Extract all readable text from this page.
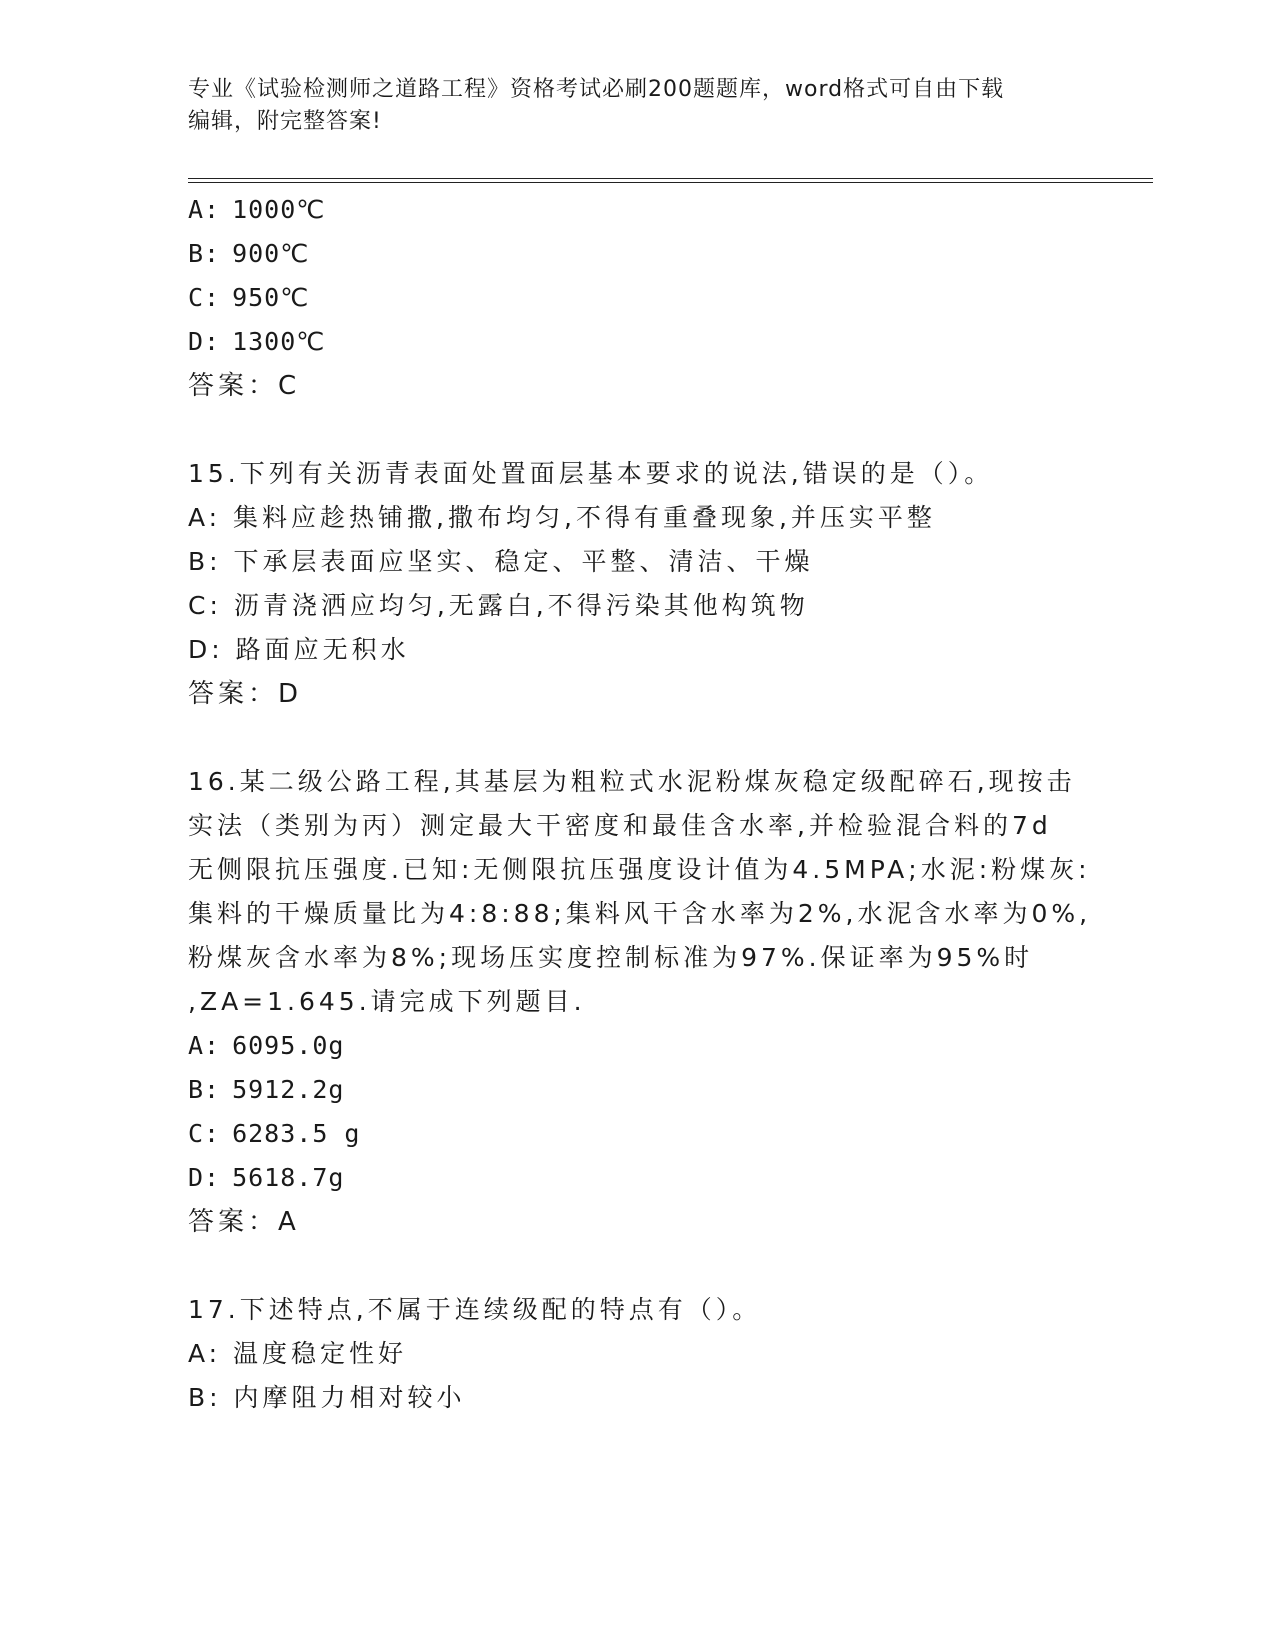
专业《试验检测师之道路工程》资格考试必刷200题题库，word格式可自由下载
编辑，附完整答案!
A: 1000℃
B: 900℃
C: 950℃
D: 1300℃
答案：C
15.下列有关沥青表面处置面层基本要求的说法,错误的是（）。
A: 集料应趁热铺撒,撒布均匀,不得有重叠现象,并压实平整
B: 下承层表面应坚实、稳定、平整、清洁、干燥
C: 沥青浇洒应均匀,无露白,不得污染其他构筑物
D: 路面应无积水
答案：D
16.某二级公路工程,其基层为粗粒式水泥粉煤灰稳定级配碎石,现按击
实法（类别为丙）测定最大干密度和最佳含水率,并检验混合料的7d
无侧限抗压强度.已知:无侧限抗压强度设计值为4.5MPA;水泥:粉煤灰:
集料的干燥质量比为4:8:88;集料风干含水率为2%,水泥含水率为0%,
粉煤灰含水率为8%;现场压实度控制标准为97%.保证率为95%时
,ZA=1.645.请完成下列题目.
A: 6095.0g
B: 5912.2g
C: 6283.5 g
D: 5618.7g
答案：A
17.下述特点,不属于连续级配的特点有（）。
A: 温度稳定性好
B: 内摩阻力相对较小
